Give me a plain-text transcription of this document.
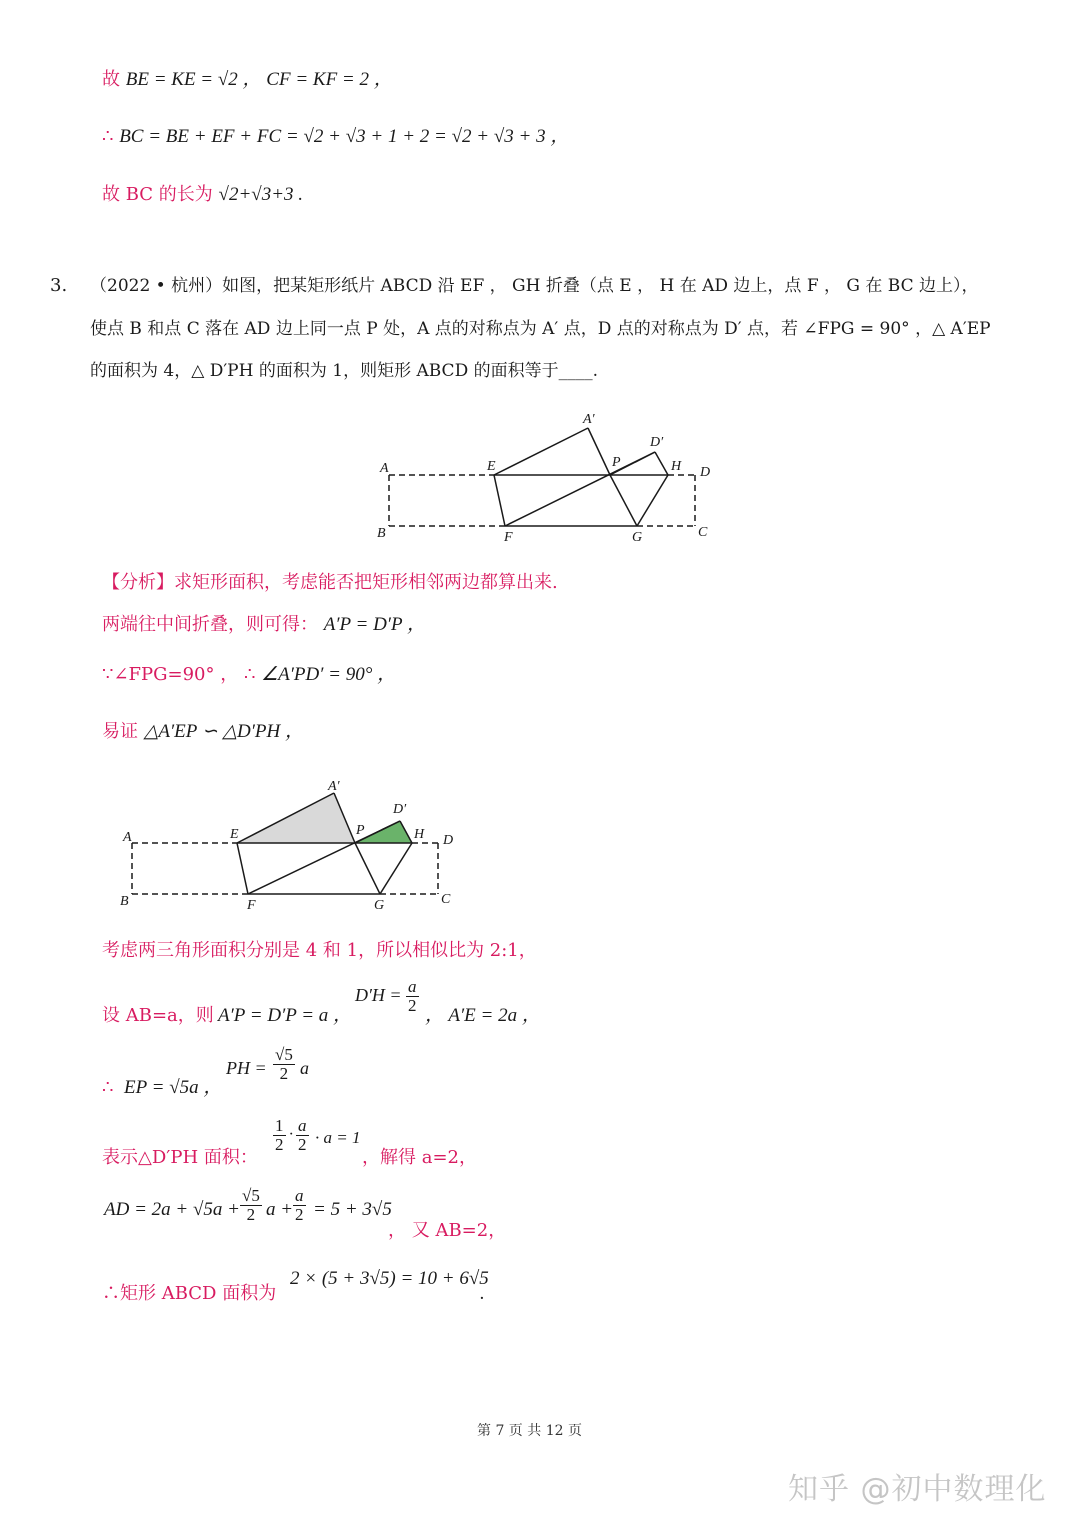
故 BE = KE = √2 ， CF = KF = 2 ，
∴ BC = BE + EF + FC = √2 + √3 + 1 + 2 = √2 + √3 + 3 ，
故 BC 的长为 √2+√3+3 .
3. （2022 • 杭州）如图，把某矩形纸片 ABCD 沿 EF ， GH 折叠（点 E ， H 在 AD 边上，点 F ， G 在 BC 边上），
使点 B 和点 C 落在 AD 边上同一点 P 处，A 点的对称点为 A′ 点，D 点的对称点为 D′ 点，若 ∠FPG = 90° ，△ A′EP
的面积为 4，△ D′PH 的面积为 1，则矩形 ABCD 的面积等于____.
A
B	C
D
E
F	G
H
P
A′
D′
【分析】求矩形面积，考虑能否把矩形相邻两边都算出来.
两端往中间折叠，则可得： A′P = D′P ，
∵∠FPG=90° ， ∴ ∠A′PD′ = 90° ，
易证 △A′EP ∽ △D′PH ，
A
B	C
D
E
F	G
H
P
A′
D′
考虑两三角形面积分别是 4 和 1，所以相似比为 2:1，
设 AB=a，则 A′P = D′P = a ，
$D'H = \frac{a}{2}$
， A′E = 2a ，
∴ EP = √5a ，
PH = $\frac{√5}{2}$ a
表示△D′PH 面积：
$\frac{1}{2} \cdot \frac{a}{2} \cdot a = 1$
，解得 a=2，
AD = $2a + √5a + \frac{√5}{2}$ $a + \frac{a}{2} = 5 + 3√5$
， 又 AB=2，
∴矩形 ABCD 面积为
2 × (5 + 3√5) = 10 + 6√5
.
第 7 页 共 12 页
知乎 @初中数理化
